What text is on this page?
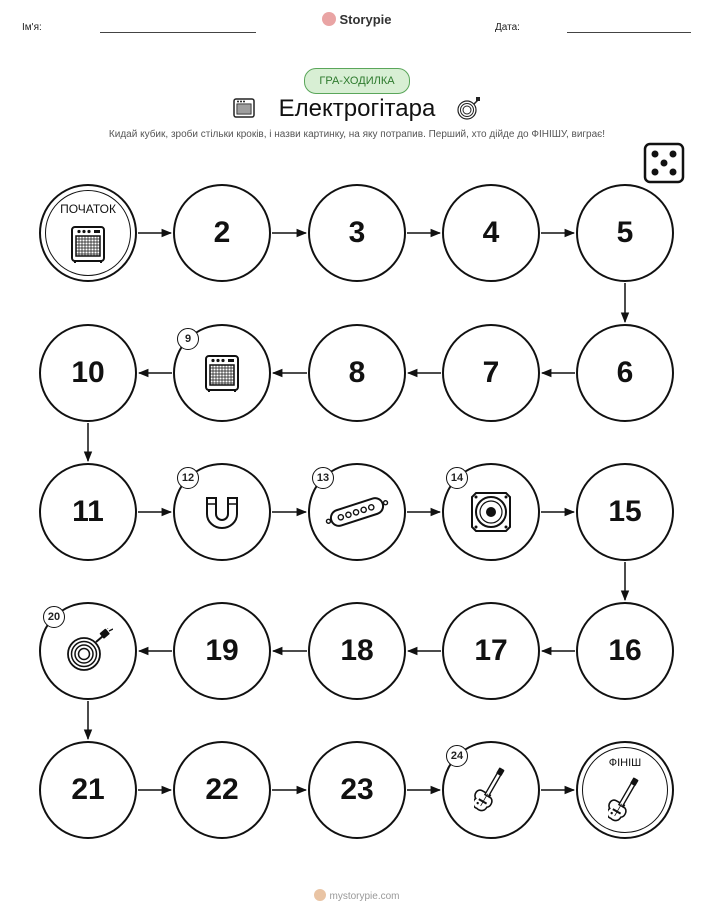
Ім'я:
Storypie
Дата:
ГРА-ХОДИЛКА
Електрогітара
Кидай кубик, зроби стільки кроків, і назви картинку, на яку потрапив. Перший, хто дійде до ФІНІШУ, виграє!
ПОЧАТОК
2	3	4	5
6
7
8
9
10
11
12	13	14
15
16
17
18
19
20
21	22	23
24
ФІНІШ
mystorypie.com
